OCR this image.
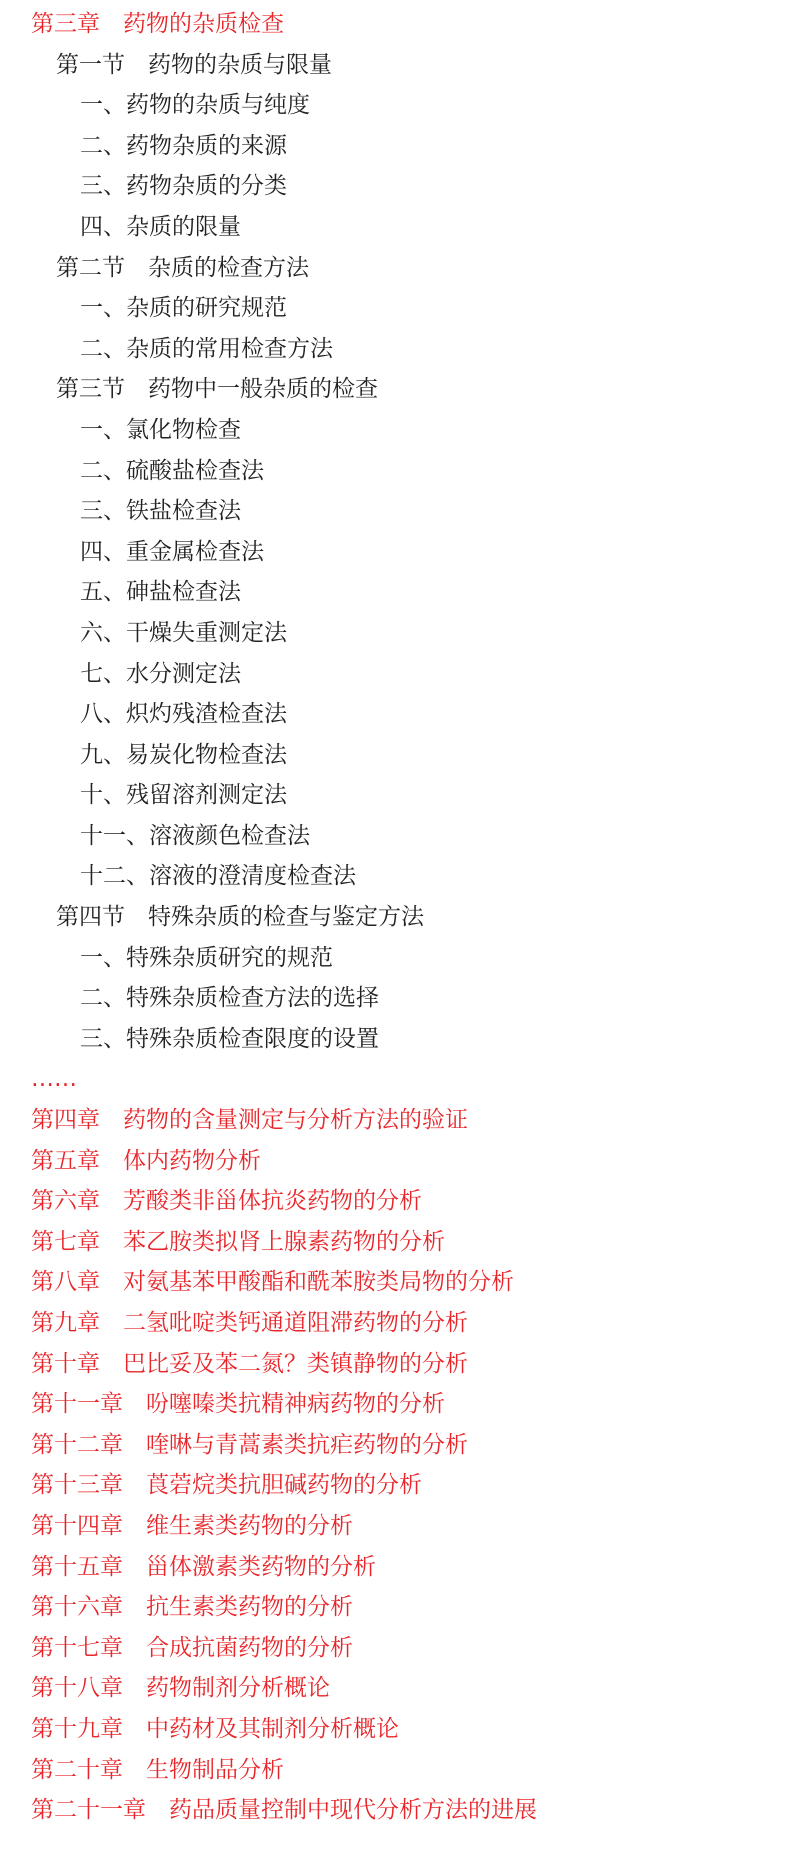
第三章　药物的杂质检查
第一节　药物的杂质与限量
一、药物的杂质与纯度
二、药物杂质的来源
三、药物杂质的分类
四、杂质的限量
第二节　杂质的检查方法
一、杂质的研究规范
二、杂质的常用检查方法
第三节　药物中一般杂质的检查
一、氯化物检查
二、硫酸盐检查法
三、铁盐检查法
四、重金属检查法
五、砷盐检查法
六、干燥失重测定法
七、水分测定法
八、炽灼残渣检查法
九、易炭化物检查法
十、残留溶剂测定法
十一、溶液颜色检查法
十二、溶液的澄清度检查法
第四节　特殊杂质的检查与鉴定方法
一、特殊杂质研究的规范
二、特殊杂质检查方法的选择
三、特殊杂质检查限度的设置
……
第四章　药物的含量测定与分析方法的验证
第五章　体内药物分析
第六章　芳酸类非甾体抗炎药物的分析
第七章　苯乙胺类拟肾上腺素药物的分析
第八章　对氨基苯甲酸酯和酰苯胺类局物的分析
第九章　二氢吡啶类钙通道阻滞药物的分析
第十章　巴比妥及苯二氮？类镇静物的分析
第十一章　吩噻嗪类抗精神病药物的分析
第十二章　喹啉与青蒿素类抗疟药物的分析
第十三章　莨菪烷类抗胆碱药物的分析
第十四章　维生素类药物的分析
第十五章　甾体激素类药物的分析
第十六章　抗生素类药物的分析
第十七章　合成抗菌药物的分析
第十八章　药物制剂分析概论
第十九章　中药材及其制剂分析概论
第二十章　生物制品分析
第二十一章　药品质量控制中现代分析方法的进展
